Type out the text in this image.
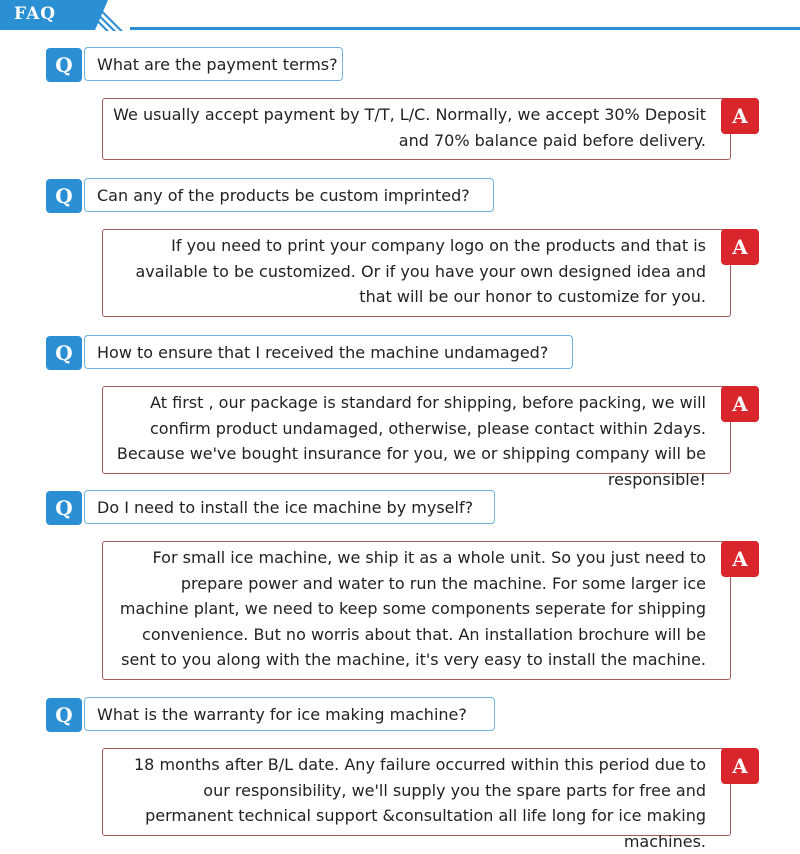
FAQ
Q	What are the payment terms?
We usually accept payment by T/T, L/C. Normally, we accept 30% Deposit and 70% balance paid before delivery.
A
Q	Can any of the products be custom imprinted?
If you need to print your company logo on the products and that is available to be customized. Or if you have your own designed idea and that will be our honor to customize for you.
A
Q	How to ensure that I received the machine undamaged?
At first , our package is standard for shipping, before packing, we will confirm product undamaged, otherwise, please contact within 2days. Because we've bought insurance for you, we or shipping company will be responsible!
A
Q	Do I need to install the ice machine by myself?
For small ice machine, we ship it as a whole unit. So you just need to prepare power and water to run the machine. For some larger ice machine plant, we need to keep some components seperate for shipping convenience. But no worris about that. An installation brochure will be sent to you along with the machine, it's very easy to install the machine.
A
Q	What is the warranty for ice making machine?
18 months after B/L date. Any failure occurred within this period due to our responsibility, we'll supply you the spare parts for free and permanent technical support &consultation all life long for ice making machines.
A
